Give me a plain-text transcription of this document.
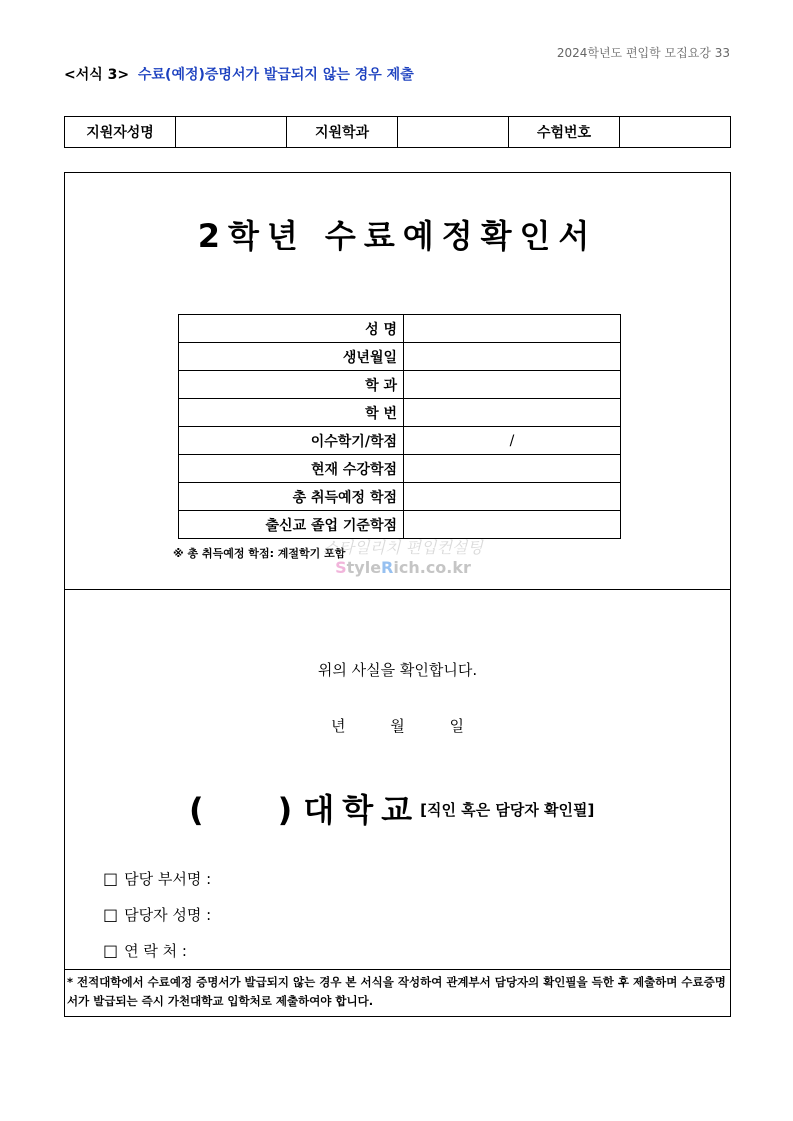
2024학년도 편입학 모집요강 33
<서식 3> 수료(예정)증명서가 발급되지 않는 경우 제출
지원자성명		지원학과		수험번호	
2학년 수료예정확인서
성 명	
생년월일	
학 과	
학 번	
이수학기/학점	/
현재 수강학점	
총 취득예정 학점	
출신교 졸업 기준학점	
※ 총 취득예정 학점: 계절학기 포함
스타일리치 편입컨설팅
StyleRich.co.kr
위의 사실을 확인합니다.
년 월 일
( ) 대학교[직인 혹은 담당자 확인필]
□ 담당 부서명 :
□ 담당자 성명 :
□ 연 락 처 :
* 전적대학에서 수료예정 증명서가 발급되지 않는 경우 본 서식을 작성하여 관계부서 담당자의 확인필을 득한 후 제출하며 수료증명서가 발급되는 즉시 가천대학교 입학처로 제출하여야 합니다.
